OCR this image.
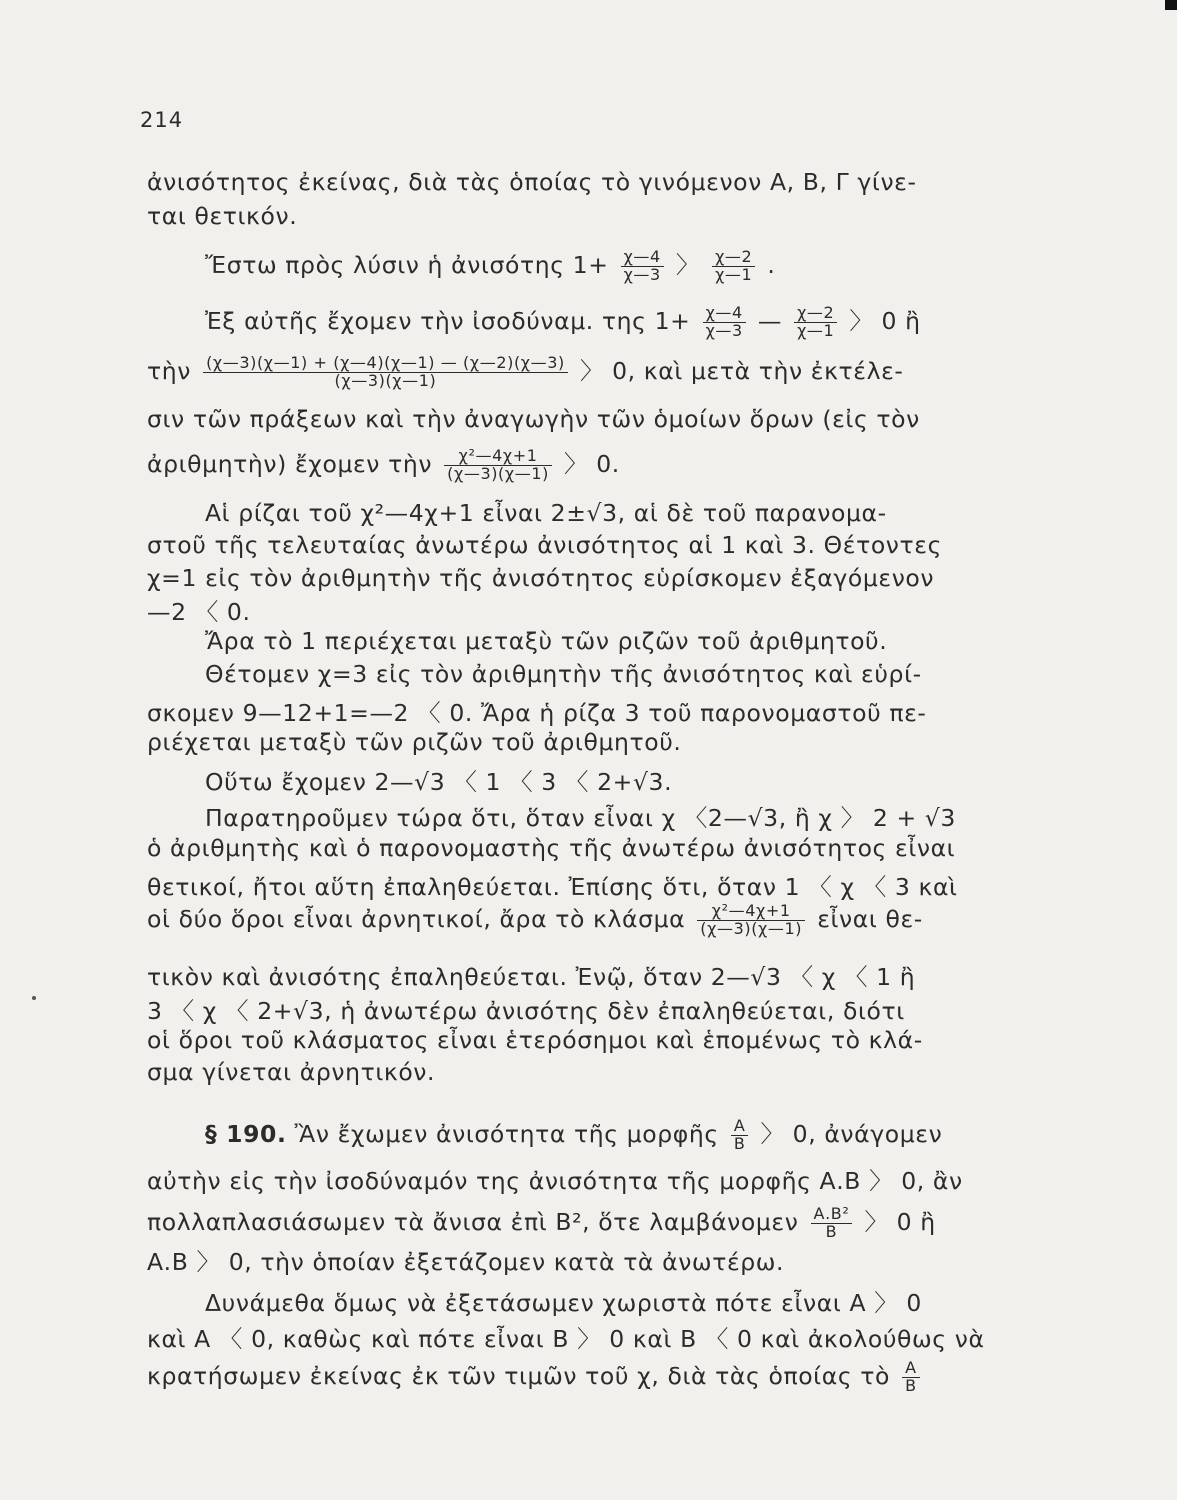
214
ἀνισότητος ἐκείνας, διὰ τὰς ὁποίας τὸ γινόμενον Α, Β, Γ γίνε-
ται θετικόν.
Ἔστω πρὸς λύσιν ἡ ἀνισότης $1+ \frac{\chi—4}{\chi—3}$ 〉 $\frac{\chi—2}{\chi—1}$ .
Ἐξ αὐτῆς ἔχομεν τὴν ἰσοδύναμ. της $1+ \frac{\chi—4}{\chi—3}$ — $\frac{\chi—2}{\chi—1}$ 〉 0 ἢ
τὴν $\frac{(\chi—3)(\chi—1) + (\chi—4)(\chi—1) — (\chi—2)(\chi—3)}{(\chi—3)(\chi—1)}$ 〉 0, καὶ μετὰ τὴν ἐκτέλε-
σιν τῶν πράξεων καὶ τὴν ἀναγωγὴν τῶν ὁμοίων ὅρων (εἰς τὸν
ἀριθμητὴν) ἔχομεν τὴν $\frac{\text{χ²—4χ+1}}{(\chi—3)(\chi—1)}$ 〉 0.
Αἱ ρίζαι τοῦ χ²—4χ+1 εἶναι 2±√3, αἱ δὲ τοῦ παρανομα-
στοῦ τῆς τελευταίας ἀνωτέρω ἀνισότητος αἱ 1 καὶ 3. Θέτοντες
χ=1 εἰς τὸν ἀριθμητὴν τῆς ἀνισότητος εὑρίσκομεν ἐξαγόμενον
—2 〈 0.
Ἄρα τὸ 1 περιέχεται μεταξὺ τῶν ριζῶν τοῦ ἀριθμητοῦ.
Θέτομεν χ=3 εἰς τὸν ἀριθμητὴν τῆς ἀνισότητος καὶ εὑρί-
σκομεν 9—12+1=—2 〈 0. Ἄρα ἡ ρίζα 3 τοῦ παρονομαστοῦ πε-
ριέχεται μεταξὺ τῶν ριζῶν τοῦ ἀριθμητοῦ.
Οὕτω ἔχομεν 2—√3 〈 1 〈 3 〈 2+√3.
Παρατηροῦμεν τώρα ὅτι, ὅταν εἶναι χ 〈2—√3, ἢ χ 〉 2 + √3
ὁ ἀριθμητὴς καὶ ὁ παρονομαστὴς τῆς ἀνωτέρω ἀνισότητος εἶναι
θετικοί, ἤτοι αὕτη ἐπαληθεύεται. Ἐπίσης ὅτι, ὅταν 1 〈 χ 〈 3 καὶ
οἱ δύο ὅροι εἶναι ἀρνητικοί, ἄρα τὸ κλάσμα $\frac{\text{χ²—4χ+1}}{(\chi—3)(\chi—1)}$ εἶναι θε-
τικὸν καὶ ἀνισότης ἐπαληθεύεται. Ἐνῷ, ὅταν 2—√3 〈 χ 〈 1 ἢ
3 〈 χ 〈 2+√3, ἡ ἀνωτέρω ἀνισότης δὲν ἐπαληθεύεται, διότι
οἱ ὅροι τοῦ κλάσματος εἶναι ἑτερόσημοι καὶ ἑπομένως τὸ κλά-
σμα γίνεται ἀρνητικόν.
§ 190. Ἂν ἔχωμεν ἀνισότητα τῆς μορφῆς $\frac{A}{B}$ 〉 0, ἀνάγομεν
αὐτὴν εἰς τὴν ἰσοδύναμόν της ἀνισότητα τῆς μορφῆς Α.Β 〉 0, ἂν
πολλαπλασιάσωμεν τὰ ἄνισα ἐπὶ Β², ὅτε λαμβάνομεν $\frac{\text{Α.Β²}}{B}$ 〉 0 ἢ
Α.Β 〉 0, τὴν ὁποίαν ἐξετάζομεν κατὰ τὰ ἀνωτέρω.
Δυνάμεθα ὅμως νὰ ἐξετάσωμεν χωριστὰ πότε εἶναι Α 〉 0
καὶ Α 〈 0, καθὼς καὶ πότε εἶναι Β 〉 0 καὶ Β 〈 0 καὶ ἀκολούθως νὰ
κρατήσωμεν ἐκείνας ἐκ τῶν τιμῶν τοῦ χ, διὰ τὰς ὁποίας τὸ $\frac{A}{B}$
